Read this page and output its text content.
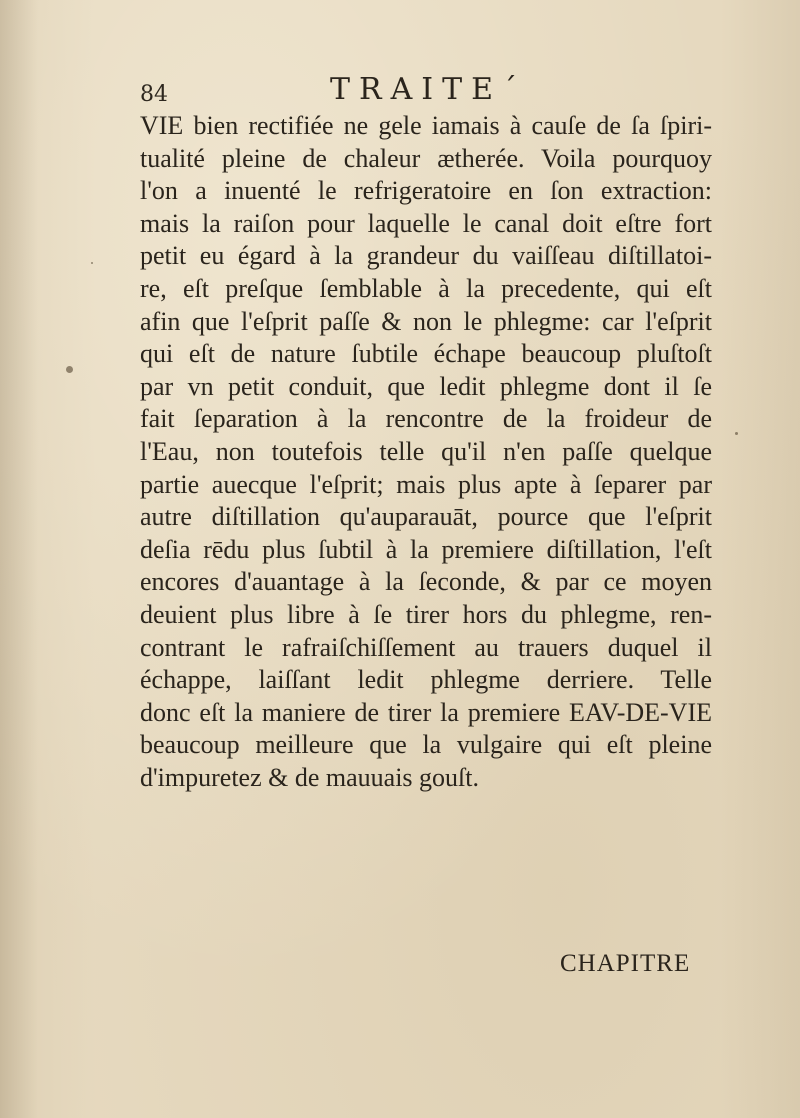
84	TRAITE´
VIE bien rectifiée ne gele iamais à cauſe de ſa ſpiri-
tualité pleine de chaleur ætherée. Voila pourquoy
l'on a inuenté le refrigeratoire en ſon extraction:
mais la raiſon pour laquelle le canal doit eſtre fort
petit eu égard à la grandeur du vaiſſeau diſtillatoi-
re, eſt preſque ſemblable à la precedente, qui eſt
afin que l'eſprit paſſe & non le phlegme: car l'eſprit
qui eſt de nature ſubtile échape beaucoup pluſtoſt
par vn petit conduit, que ledit phlegme dont il ſe
fait ſeparation à la rencontre de la froideur de
l'Eau, non toutefois telle qu'il n'en paſſe quelque
partie auecque l'eſprit; mais plus apte à ſeparer par
autre diſtillation qu'auparauāt, pource que l'eſprit
deſia rēdu plus ſubtil à la premiere diſtillation, l'eſt
encores d'auantage à la ſeconde, & par ce moyen
deuient plus libre à ſe tirer hors du phlegme, ren-
contrant le rafraiſchiſſement au trauers duquel il
échappe, laiſſant ledit phlegme derriere. Telle
donc eſt la maniere de tirer la premiere EAV-DE-VIE
beaucoup meilleure que la vulgaire qui eſt pleine
d'impuretez & de mauuais gouſt.
CHAPITRE
